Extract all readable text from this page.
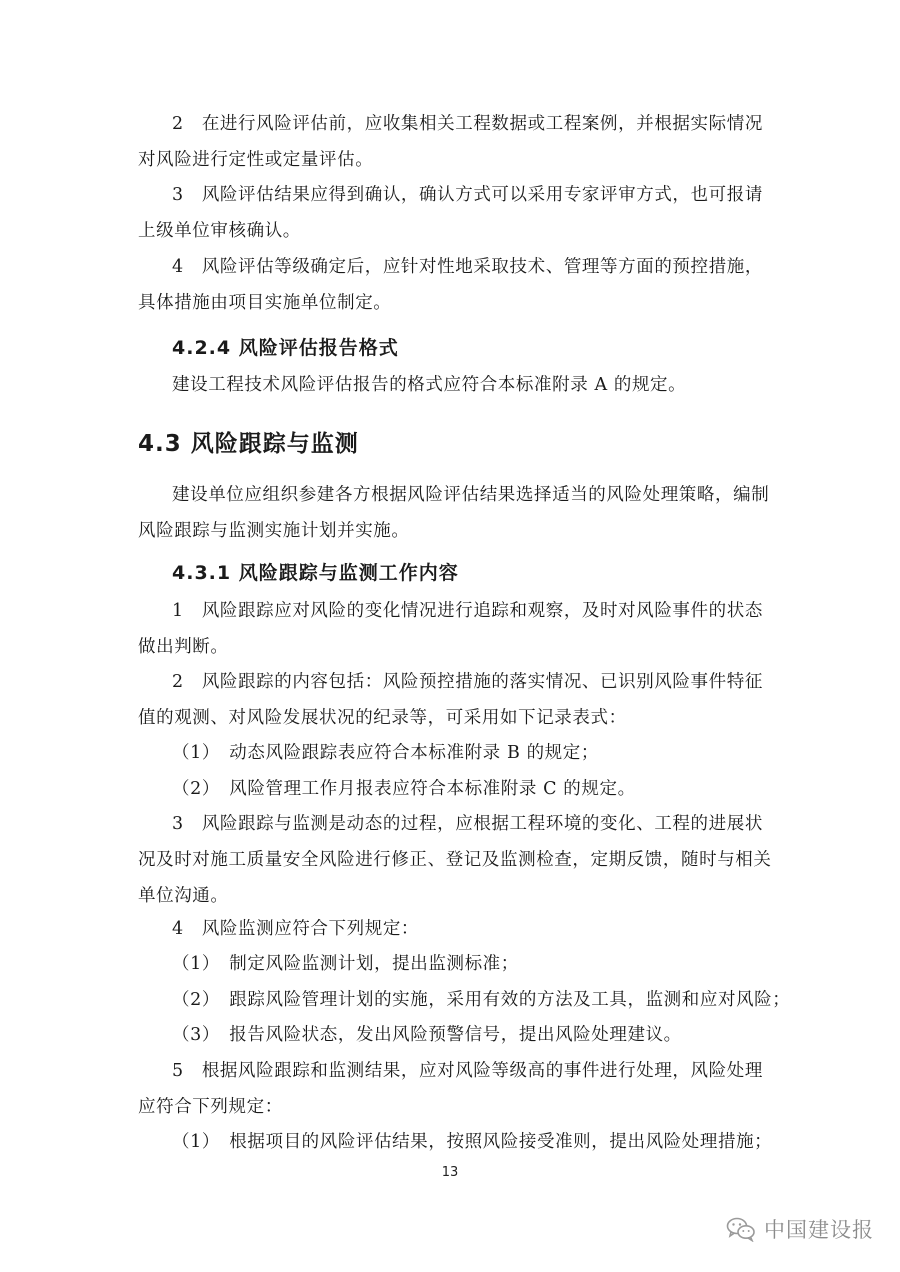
2　在进行风险评估前，应收集相关工程数据或工程案例，并根据实际情况
对风险进行定性或定量评估。

3　风险评估结果应得到确认，确认方式可以采用专家评审方式，也可报请
上级单位审核确认。

4　风险评估等级确定后，应针对性地采取技术、管理等方面的预控措施，
具体措施由项目实施单位制定。

4.2.4 风险评估报告格式

建设工程技术风险评估报告的格式应符合本标准附录 A 的规定。

4.3 风险跟踪与监测

建设单位应组织参建各方根据风险评估结果选择适当的风险处理策略，编制
风险跟踪与监测实施计划并实施。

4.3.1 风险跟踪与监测工作内容

1　风险跟踪应对风险的变化情况进行追踪和观察，及时对风险事件的状态
做出判断。

2　风险跟踪的内容包括：风险预控措施的落实情况、已识别风险事件特征
值的观测、对风险发展状况的纪录等，可采用如下记录表式：

（1）　动态风险跟踪表应符合本标准附录 B 的规定；

（2）　风险管理工作月报表应符合本标准附录 C 的规定。

3　风险跟踪与监测是动态的过程，应根据工程环境的变化、工程的进展状
况及时对施工质量安全风险进行修正、登记及监测检查，定期反馈，随时与相关
单位沟通。

4　风险监测应符合下列规定：

（1）　制定风险监测计划，提出监测标准；

（2）　跟踪风险管理计划的实施，采用有效的方法及工具，监测和应对风险；

（3）　报告风险状态，发出风险预警信号，提出风险处理建议。

5　根据风险跟踪和监测结果，应对风险等级高的事件进行处理，风险处理
应符合下列规定：

（1）　根据项目的风险评估结果，按照风险接受准则，提出风险处理措施；

13
中国建设报
